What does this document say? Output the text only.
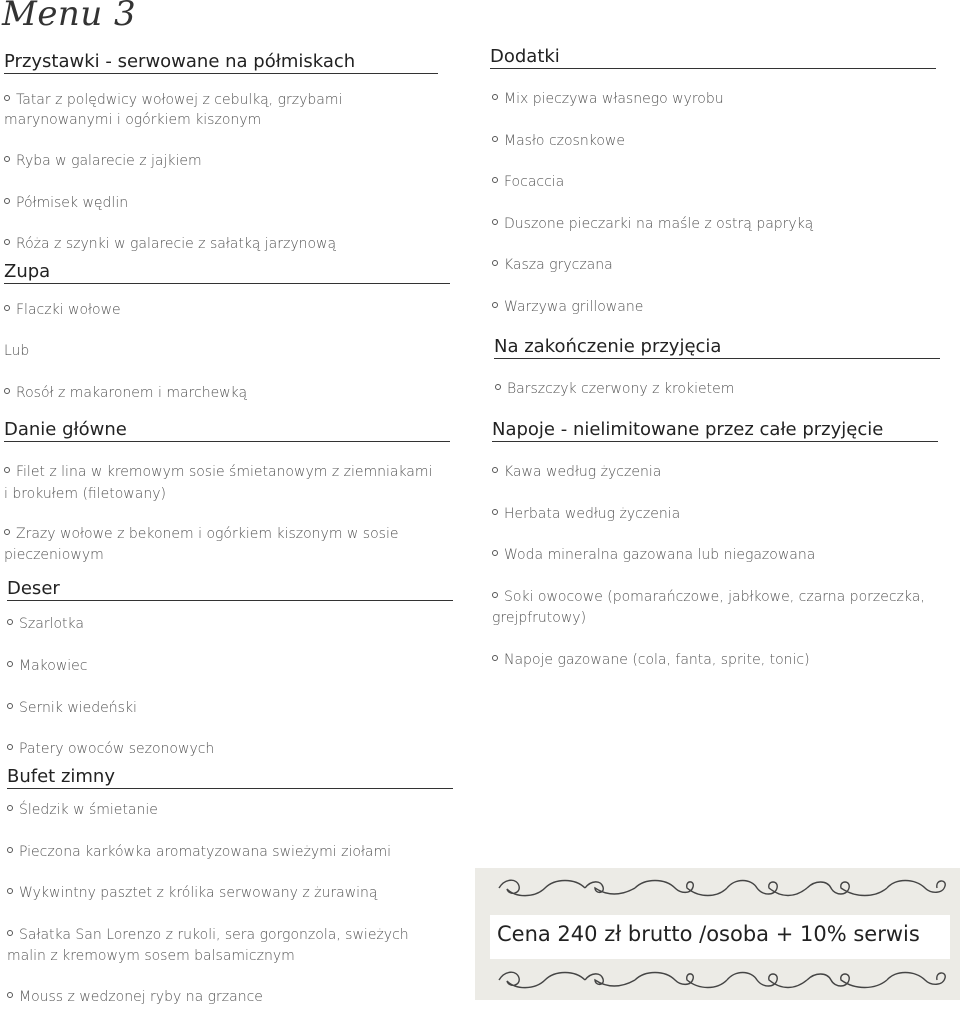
Menu 3
Przystawki - serwowane na półmiskach
Tatar z polędwicy wołowej z cebulką, grzybami
marynowanymi i ogórkiem kiszonym
Ryba w galarecie z jajkiem
Półmisek wędlin
Róża z szynki w galarecie z sałatką jarzynową
Zupa
Flaczki wołowe
Lub
Rosół z makaronem i marchewką
Danie główne
Filet z lina w kremowym sosie śmietanowym z ziemniakami
i brokułem (filetowany)
Zrazy wołowe z bekonem i ogórkiem kiszonym w sosie
pieczeniowym
Deser
Szarlotka
Makowiec
Sernik wiedeński
Patery owoców sezonowych
Bufet zimny
Śledzik w śmietanie
Pieczona karkówka aromatyzowana swieżymi ziołami
Wykwintny pasztet z królika serwowany z żurawiną
Sałatka San Lorenzo z rukoli, sera gorgonzola, swieżych
malin z kremowym sosem balsamicznym
Mouss z wedzonej ryby na grzance
Dodatki
Mix pieczywa własnego wyrobu
Masło czosnkowe
Focaccia
Duszone pieczarki na maśle z ostrą papryką
Kasza gryczana
Warzywa grillowane
Na zakończenie przyjęcia
Barszczyk czerwony z krokietem
Napoje - nielimitowane przez całe przyjęcie
Kawa według życzenia
Herbata według życzenia
Woda mineralna gazowana lub niegazowana
Soki owocowe (pomarańczowe, jabłkowe, czarna porzeczka,
grejpfrutowy)
Napoje gazowane (cola, fanta, sprite, tonic)
Cena 240 zł brutto /osoba + 10% serwis
